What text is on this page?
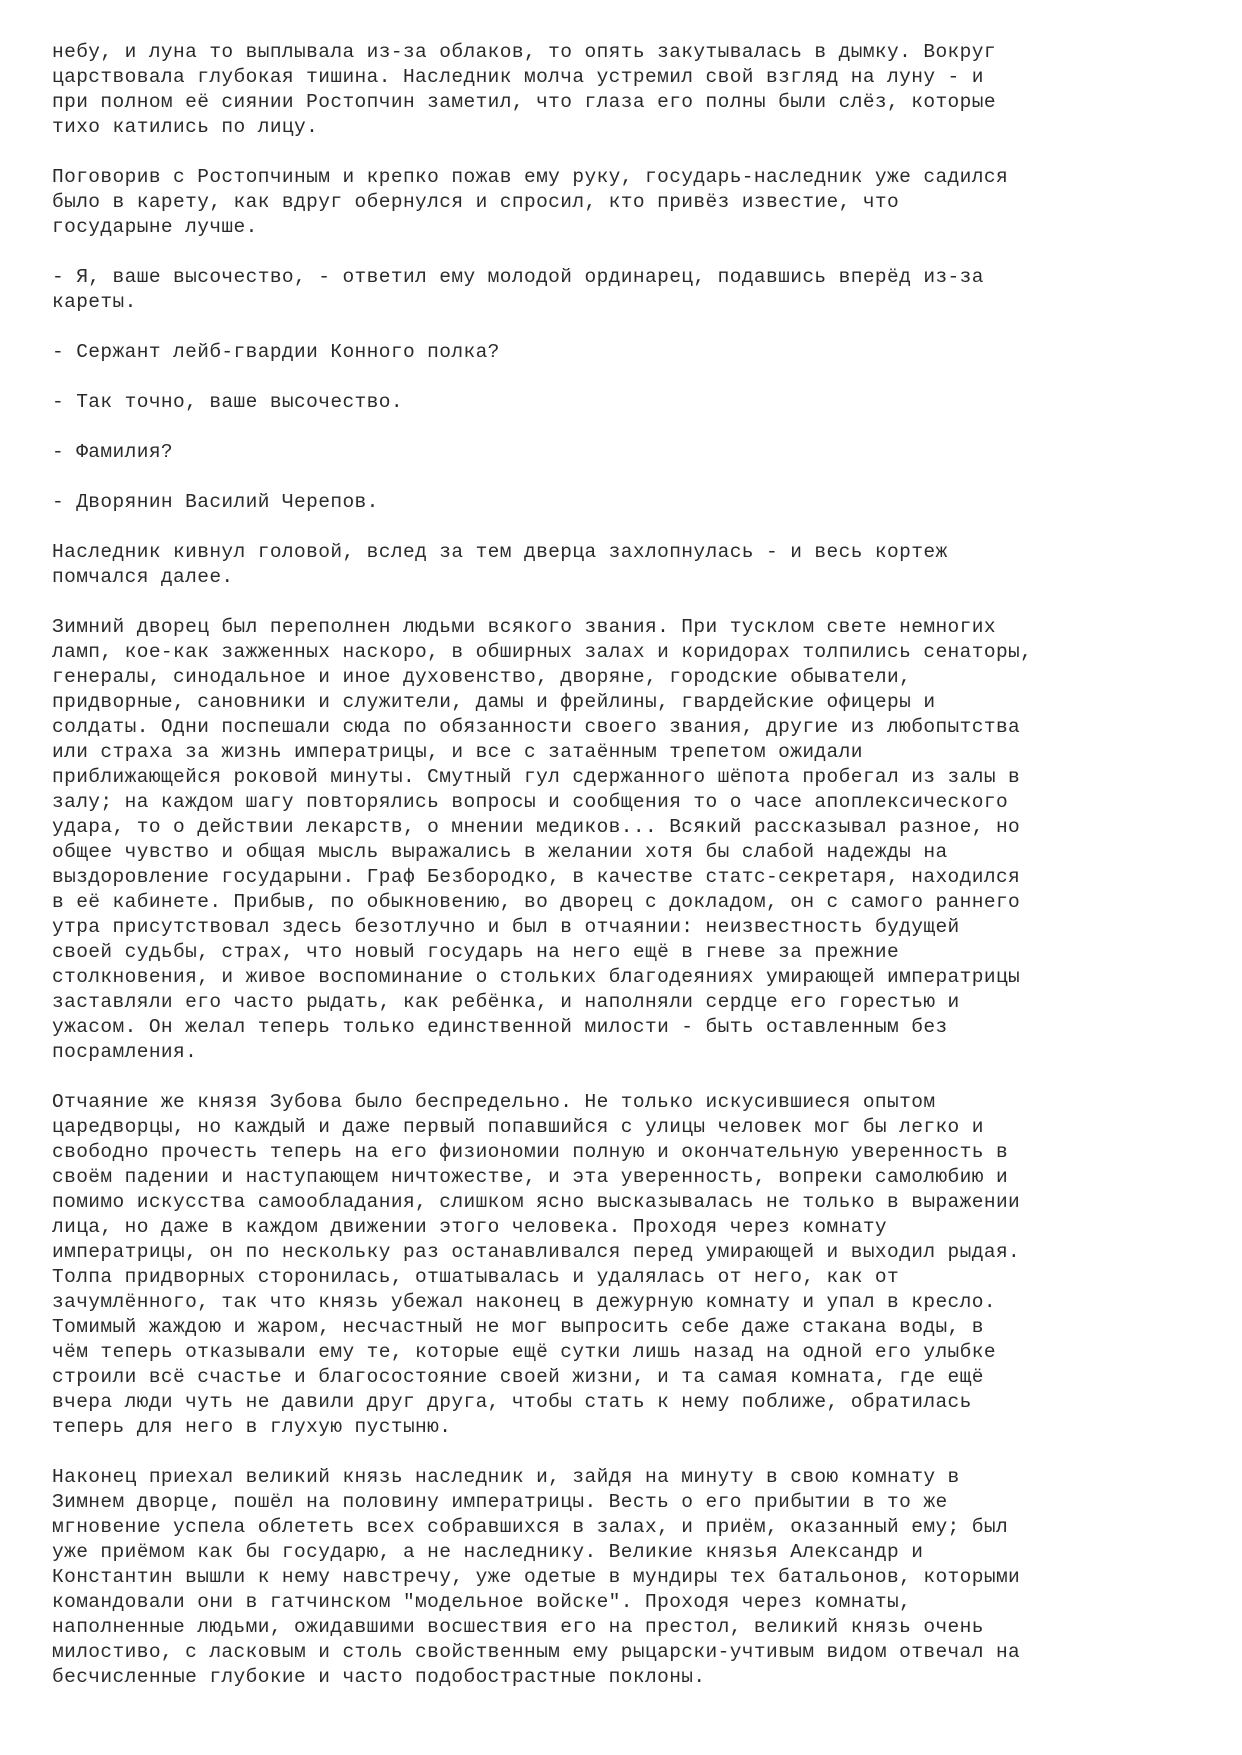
небу, и луна то выплывала из-за облаков, то опять закутывалась в дымку. Вокруг
царствовала глубокая тишина. Наследник молча устремил свой взгляд на луну - и
при полном её сиянии Ростопчин заметил, что глаза его полны были слёз, которые
тихо катились по лицу.

Поговорив с Ростопчиным и крепко пожав ему руку, государь-наследник уже садился
было в карету, как вдруг обернулся и спросил, кто привёз известие, что
государыне лучше.

- Я, ваше высочество, - ответил ему молодой ординарец, подавшись вперёд из-за
кареты.

- Сержант лейб-гвардии Конного полка?

- Так точно, ваше высочество.

- Фамилия?

- Дворянин Василий Черепов.

Наследник кивнул головой, вслед за тем дверца захлопнулась - и весь кортеж
помчался далее.

Зимний дворец был переполнен людьми всякого звания. При тусклом свете немногих
ламп, кое-как зажженных наскоро, в обширных залах и коридорах толпились сенаторы,
генералы, синодальное и иное духовенство, дворяне, городские обыватели,
придворные, сановники и служители, дамы и фрейлины, гвардейские офицеры и
солдаты. Одни поспешали сюда по обязанности своего звания, другие из любопытства
или страха за жизнь императрицы, и все с затаённым трепетом ожидали
приближающейся роковой минуты. Смутный гул сдержанного шёпота пробегал из залы в
залу; на каждом шагу повторялись вопросы и сообщения то о часе апоплексического
удара, то о действии лекарств, о мнении медиков... Всякий рассказывал разное, но
общее чувство и общая мысль выражались в желании хотя бы слабой надежды на
выздоровление государыни. Граф Безбородко, в качестве статс-секретаря, находился
в её кабинете. Прибыв, по обыкновению, во дворец с докладом, он с самого раннего
утра присутствовал здесь безотлучно и был в отчаянии: неизвестность будущей
своей судьбы, страх, что новый государь на него ещё в гневе за прежние
столкновения, и живое воспоминание о стольких благодеяниях умирающей императрицы
заставляли его часто рыдать, как ребёнка, и наполняли сердце его горестью и
ужасом. Он желал теперь только единственной милости - быть оставленным без
посрамления.

Отчаяние же князя Зубова было беспредельно. Не только искусившиеся опытом
царедворцы, но каждый и даже первый попавшийся с улицы человек мог бы легко и
свободно прочесть теперь на его физиономии полную и окончательную уверенность в
своём падении и наступающем ничтожестве, и эта уверенность, вопреки самолюбию и
помимо искусства самообладания, слишком ясно высказывалась не только в выражении
лица, но даже в каждом движении этого человека. Проходя через комнату
императрицы, он по нескольку раз останавливался перед умирающей и выходил рыдая.
Толпа придворных сторонилась, отшатывалась и удалялась от него, как от
зачумлённого, так что князь убежал наконец в дежурную комнату и упал в кресло.
Томимый жаждою и жаром, несчастный не мог выпросить себе даже стакана воды, в
чём теперь отказывали ему те, которые ещё сутки лишь назад на одной его улыбке
строили всё счастье и благосостояние своей жизни, и та самая комната, где ещё
вчера люди чуть не давили друг друга, чтобы стать к нему поближе, обратилась
теперь для него в глухую пустыню.

Наконец приехал великий князь наследник и, зайдя на минуту в свою комнату в
Зимнем дворце, пошёл на половину императрицы. Весть о его прибытии в то же
мгновение успела облететь всех собравшихся в залах, и приём, оказанный ему; был
уже приёмом как бы государю, а не наследнику. Великие князья Александр и
Константин вышли к нему навстречу, уже одетые в мундиры тех батальонов, которыми
командовали они в гатчинском "модельное войске". Проходя через комнаты,
наполненные людьми, ожидавшими восшествия его на престол, великий князь очень
милостиво, с ласковым и столь свойственным ему рыцарски-учтивым видом отвечал на
бесчисленные глубокие и часто подобострастные поклоны.
